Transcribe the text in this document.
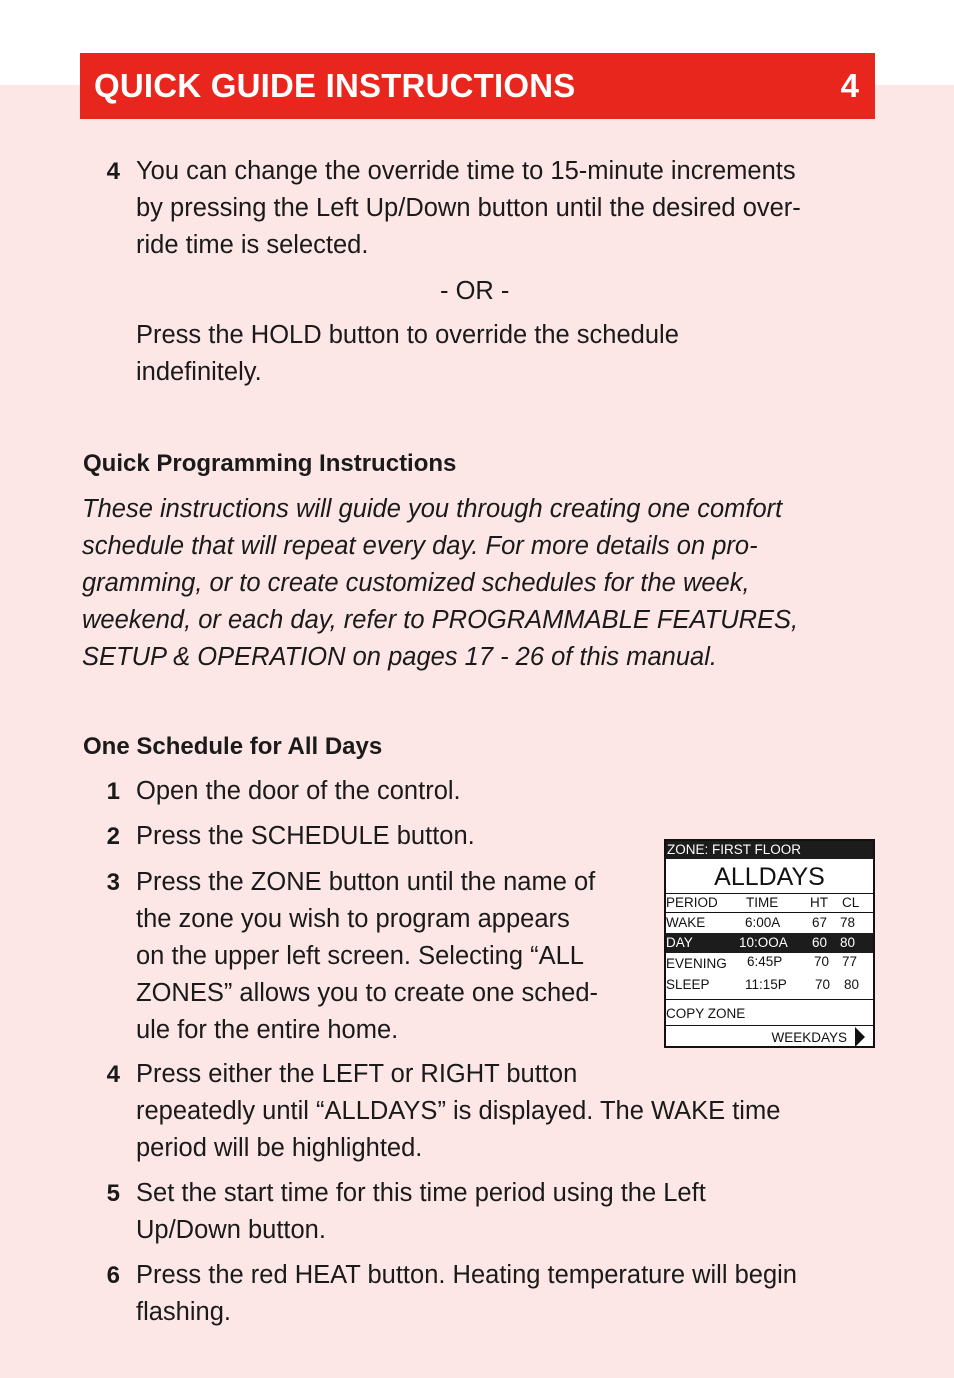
QUICK GUIDE INSTRUCTIONS	4
4 You can change the override time to 15-minute increments
by pressing the Left Up/Down button until the desired over-
ride time is selected.
- OR -
Press the HOLD button to override the schedule
indefinitely.
Quick Programming Instructions
These instructions will guide you through creating one comfort
schedule that will repeat every day. For more details on pro-
gramming, or to create customized schedules for the week,
weekend, or each day, refer to PROGRAMMABLE FEATURES,
SETUP & OPERATION on pages 17 - 26 of this manual.
One Schedule for All Days
1 Open the door of the control.
2 Press the SCHEDULE button.
3 Press the ZONE button until the name of
the zone you wish to program appears
on the upper left screen. Selecting “ALL
ZONES” allows you to create one sched-
ule for the entire home.
4 Press either the LEFT or RIGHT button
repeatedly until “ALLDAYS” is displayed. The WAKE time
period will be highlighted.
5 Set the start time for this time period using the Left
Up/Down button.
6 Press the red HEAT button. Heating temperature will begin
flashing.
ZONE: FIRST FLOOR
ALLDAYS
PERIOD TIME HT CL
WAKE	6:00A 67 78
DAY	10:OOA 60 80
EVENING 6:45P 70 77
SLEEP	11:15P 70 80
COPY ZONE
WEEKDAYS
